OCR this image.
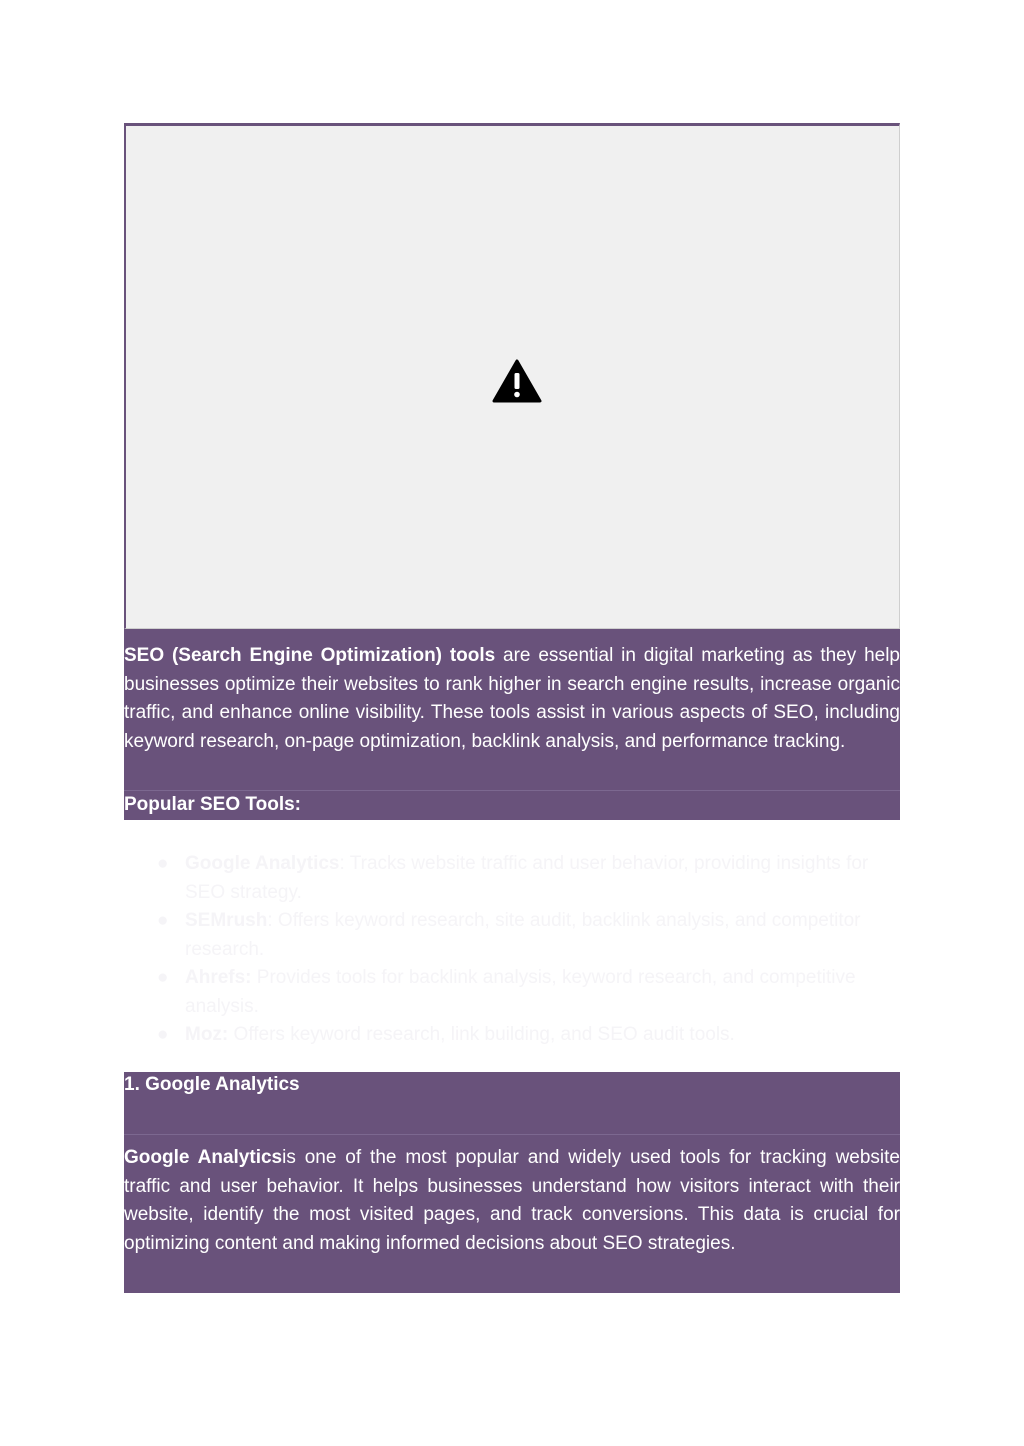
SEO (Search Engine Optimization) tools are essential in digital marketing as they help businesses optimize their websites to rank higher in search engine results, increase organic traffic, and enhance online visibility. These tools assist in various aspects of SEO, including keyword research, on-page optimization, backlink analysis, and performance tracking.

Popular SEO Tools:
● Google Analytics: Tracks website traffic and user behavior, providing insights for SEO strategy.
● SEMrush: Offers keyword research, site audit, backlink analysis, and competitor research.
● Ahrefs: Provides tools for backlink analysis, keyword research, and competitive analysis.
● Moz: Offers keyword research, link building, and SEO audit tools.
1. Google Analytics

Google Analyticsis one of the most popular and widely used tools for tracking website traffic and user behavior. It helps businesses understand how visitors interact with their website, identify the most visited pages, and track conversions. This data is crucial for optimizing content and making informed decisions about SEO strategies.
